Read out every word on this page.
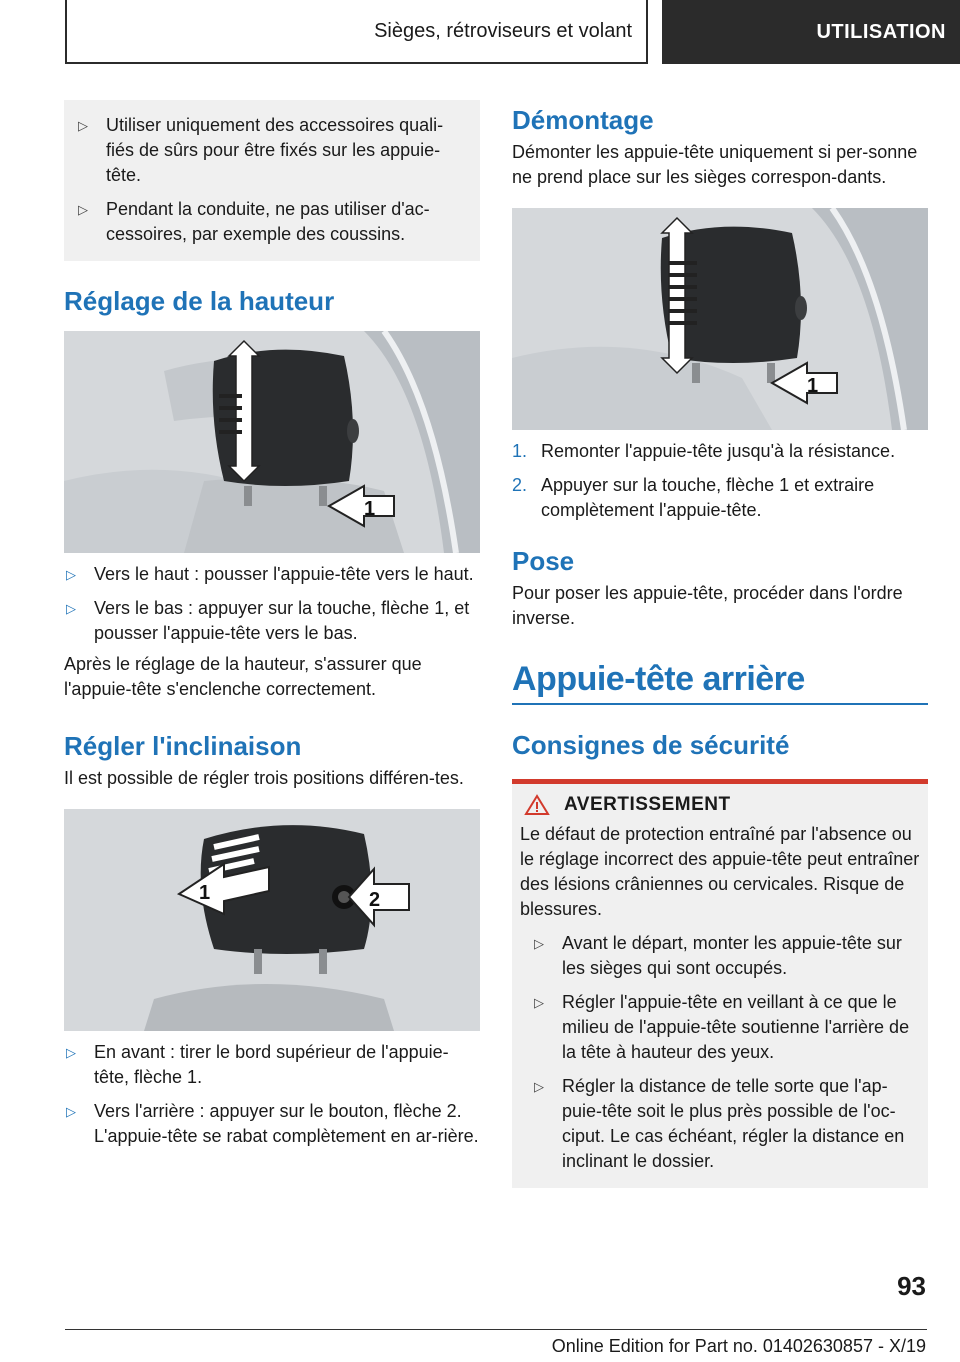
Sièges, rétroviseurs et volant	UTILISATION
▷ Utiliser uniquement des accessoires quali-fiés de sûrs pour être fixés sur les appuie-tête.
▷ Pendant la conduite, ne pas utiliser d'ac-cessoires, par exemple des coussins.
Réglage de la hauteur
1
▷ Vers le haut : pousser l'appuie-tête vers le haut.
▷ Vers le bas : appuyer sur la touche, flèche 1, et pousser l'appuie-tête vers le bas.

Après le réglage de la hauteur, s'assurer que l'appuie-tête s'enclenche correctement.

Régler l'inclinaison

Il est possible de régler trois positions différen-tes.

1	2
▷ En avant : tirer le bord supérieur de l'appuie-tête, flèche 1.
▷ Vers l'arrière : appuyer sur le bouton, flèche 2. L'appuie-tête se rabat complètement en ar-rière.
Démontage

Démonter les appuie-tête uniquement si per-sonne ne prend place sur les sièges correspon-dants.

1
1. Remonter l'appuie-tête jusqu'à la résistance.
2. Appuyer sur la touche, flèche 1 et extraire complètement l'appuie-tête.
Pose

Pour poser les appuie-tête, procéder dans l'ordre inverse.

Appuie-tête arrière
Consignes de sécurité
AVERTISSEMENT

Le défaut de protection entraîné par l'absence ou le réglage incorrect des appuie-tête peut entraîner des lésions crâniennes ou cervicales. Risque de blessures.

▷ Avant le départ, monter les appuie-tête sur les sièges qui sont occupés.
▷ Régler l'appuie-tête en veillant à ce que le milieu de l'appuie-tête soutienne l'arrière de la tête à hauteur des yeux.
▷ Régler la distance de telle sorte que l'ap-puie-tête soit le plus près possible de l'oc-ciput. Le cas échéant, régler la distance en inclinant le dossier.
93
Online Edition for Part no. 01402630857 - X/19
